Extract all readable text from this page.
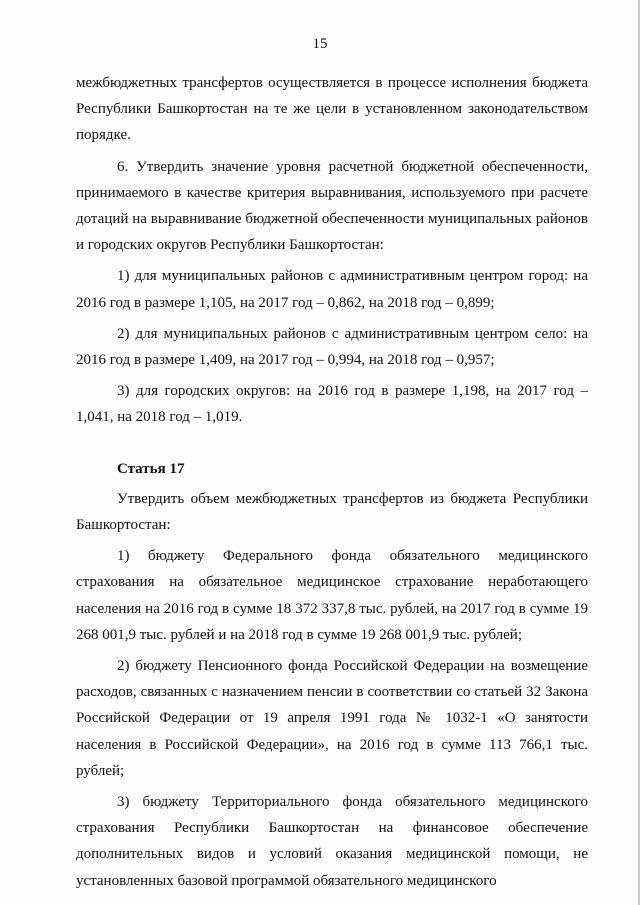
15

межбюджетных трансфертов осуществляется в процессе исполнения бюджета Республики Башкортостан на те же цели в установленном законодательством порядке.

6. Утвердить значение уровня расчетной бюджетной обеспеченности, принимаемого в качестве критерия выравнивания, используемого при расчете дотаций на выравнивание бюджетной обеспеченности муниципальных районов и городских округов Республики Башкортостан:

1) для муниципальных районов с административным центром город: на 2016 год в размере 1,105, на 2017 год – 0,862, на 2018 год – 0,899;

2) для муниципальных районов с административным центром село: на 2016 год в размере 1,409, на 2017 год – 0,994, на 2018 год – 0,957;

3) для городских округов: на 2016 год в размере 1,198, на 2017 год – 1,041, на 2018 год – 1,019.

Статья 17

Утвердить объем межбюджетных трансфертов из бюджета Республики Башкортостан:

1) бюджету Федерального фонда обязательного медицинского страхования на обязательное медицинское страхование неработающего населения на 2016 год в сумме 18 372 337,8 тыс. рублей, на 2017 год в сумме 19 268 001,9 тыс. рублей и на 2018 год в сумме 19 268 001,9 тыс. рублей;

2) бюджету Пенсионного фонда Российской Федерации на возмещение расходов, связанных с назначением пенсии в соответствии со статьей 32 Закона Российской Федерации от 19 апреля 1991 года № 1032-1 «О занятости населения в Российской Федерации», на 2016 год в сумме 113 766,1 тыс. рублей;

3) бюджету Территориального фонда обязательного медицинского страхования Республики Башкортостан на финансовое обеспечение дополнительных видов и условий оказания медицинской помощи, не установленных базовой программой обязательного медицинского
